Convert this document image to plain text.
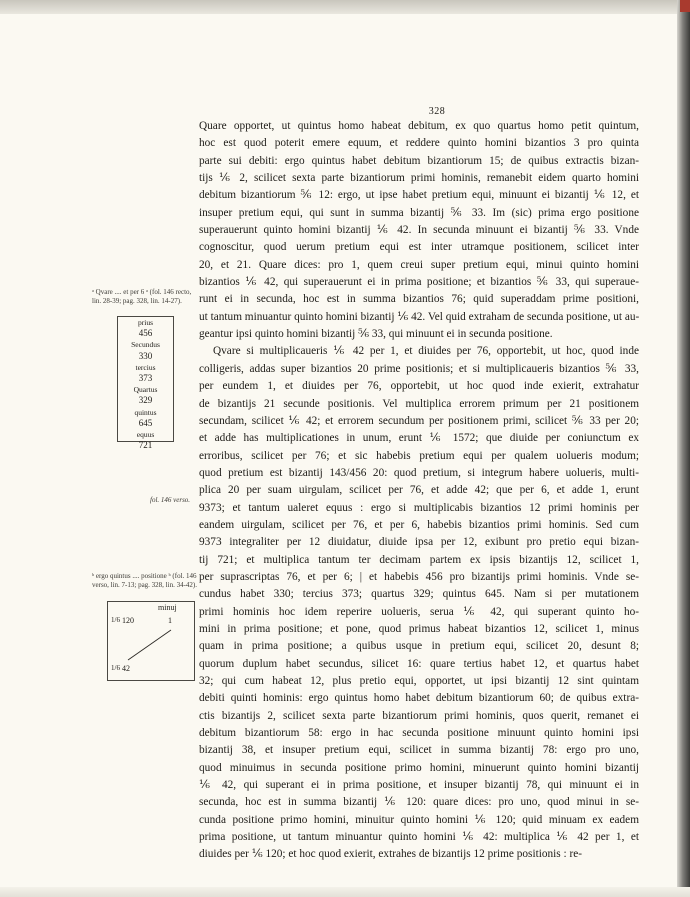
328
Quare opportet, ut quintus homo habeat debitum, ex quo quartus homo petit quintum,
hoc est quod poterit emere equum, et reddere quinto homini bizantios 3 pro quinta
parte sui debiti: ergo quintus habet debitum bizantiorum 15; de quibus extractis bizan-
tijs ⅙ 2, scilicet sexta parte bizantiorum primi hominis, remanebit eidem quarto homini
debitum bizantiorum ⅚ 12: ergo, ut ipse habet pretium equi, minuunt ei bizantij ⅙ 12, et
insuper pretium equi, qui sunt in summa bizantij ⅚ 33. Im (sic) prima ergo positione
superauerunt quinto homini bizantij ⅙ 42. In secunda minuunt ei bizantij ⅚ 33. Vnde
cognoscitur, quod uerum pretium equi est inter utramque positionem, scilicet inter
20, et 21. Quare dices: pro 1, quem creui super pretium equi, minui quinto homini
bizantios ⅙ 42, qui superauerunt ei in prima positione; et bizantios ⅚ 33, qui superaue-
runt ei in secunda, hoc est in summa bizantios 76; quid superaddam prime positioni,
ut tantum minuantur quinto homini bizantij ⅙ 42. Vel quid extraham de secunda positione, ut au-
geantur ipsi quinto homini bizantij ⅚ 33, qui minuunt ei in secunda positione.
Qvare si multiplicaueris ⅙ 42 per 1, et diuides per 76, opportebit, ut hoc, quod inde
colligeris, addas super bizantios 20 prime positionis; et si multiplicaueris bizantios ⅚ 33,
per eundem 1, et diuides per 76, opportebit, ut hoc quod inde exierit, extrahatur
de bizantijs 21 secunde positionis. Vel multiplica errorem primum per 21 positionem
secundam, scilicet ⅙ 42; et errorem secundum per positionem primi, scilicet ⅚ 33 per 20;
et adde has multiplicationes in unum, erunt ⅙ 1572; que diuide per coniunctum ex
erroribus, scilicet per 76; et sic habebis pretium equi per qualem uolueris modum;
quod pretium est bizantij 143/456 20: quod pretium, si integrum habere uolueris, multi-
plica 20 per suam uirgulam, scilicet per 76, et adde 42; que per 6, et adde 1, erunt
9373; et tantum ualeret equus : ergo si multiplicabis bizantios 12 primi hominis per
eandem uirgulam, scilicet per 76, et per 6, habebis bizantios primi hominis. Sed cum
9373 integraliter per 12 diuidatur, diuide ipsa per 12, exibunt pro pretio equi bizan-
tij 721; et multiplica tantum ter decimam partem ex ipsis bizantijs 12, scilicet 1,
per suprascriptas 76, et per 6; | et habebis 456 pro bizantijs primi hominis. Vnde se-
cundus habet 330; tercius 373; quartus 329; quintus 645. Nam si per mutationem
primi hominis hoc idem reperire uolueris, serua ⅙ 42, qui superant quinto ho-
mini in prima positione; et pone, quod primus habeat bizantios 12, scilicet 1, minus
quam in prima positione; a quibus usque in pretium equi, scilicet 20, desunt 8;
quorum duplum habet secundus, silicet 16: quare tertius habet 12, et quartus habet
32; qui cum habeat 12, plus pretio equi, opportet, ut ipsi bizantij 12 sint quintam
debiti quinti hominis: ergo quintus homo habet debitum bizantiorum 60; de quibus extra-
ctis bizantijs 2, scilicet sexta parte bizantiorum primi hominis, quos querit, remanet ei
debitum bizantiorum 58: ergo in hac secunda positione minuunt quinto homini ipsi
bizantij 38, et insuper pretium equi, scilicet in summa bizantij 78: ergo pro uno,
quod minuimus in secunda positione primo homini, minuerunt quinto homini bizantij
⅙ 42, qui superant ei in prima positione, et insuper bizantij 78, qui minuunt ei in
secunda, hoc est in summa bizantij ⅙ 120: quare dices: pro uno, quod minui in se-
cunda positione primo homini, minuitur quinto homini ⅙ 120; quid minuam ex eadem
prima positione, ut tantum minuantur quinto homini ⅙ 42: multiplica ⅙ 42 per 1, et
diuides per ⅙ 120; et hoc quod exierit, extrahes de bizantijs 12 prime positionis : re-
ᵃ Qvare .... et per 6 ᵃ (fol. 146 recto, lin. 28-39; pag. 328, lin. 14-27).
prius
456
Secundus
330
tercius
373
Quartus
329
quintus
645
equus
721
fol. 146 verso.
ᵇ ergo quintus .... positione ᵇ (fol. 146 verso, lin. 7-13; pag. 328, lin. 34-42).
minuj
1/6 120	1
1/6 42
